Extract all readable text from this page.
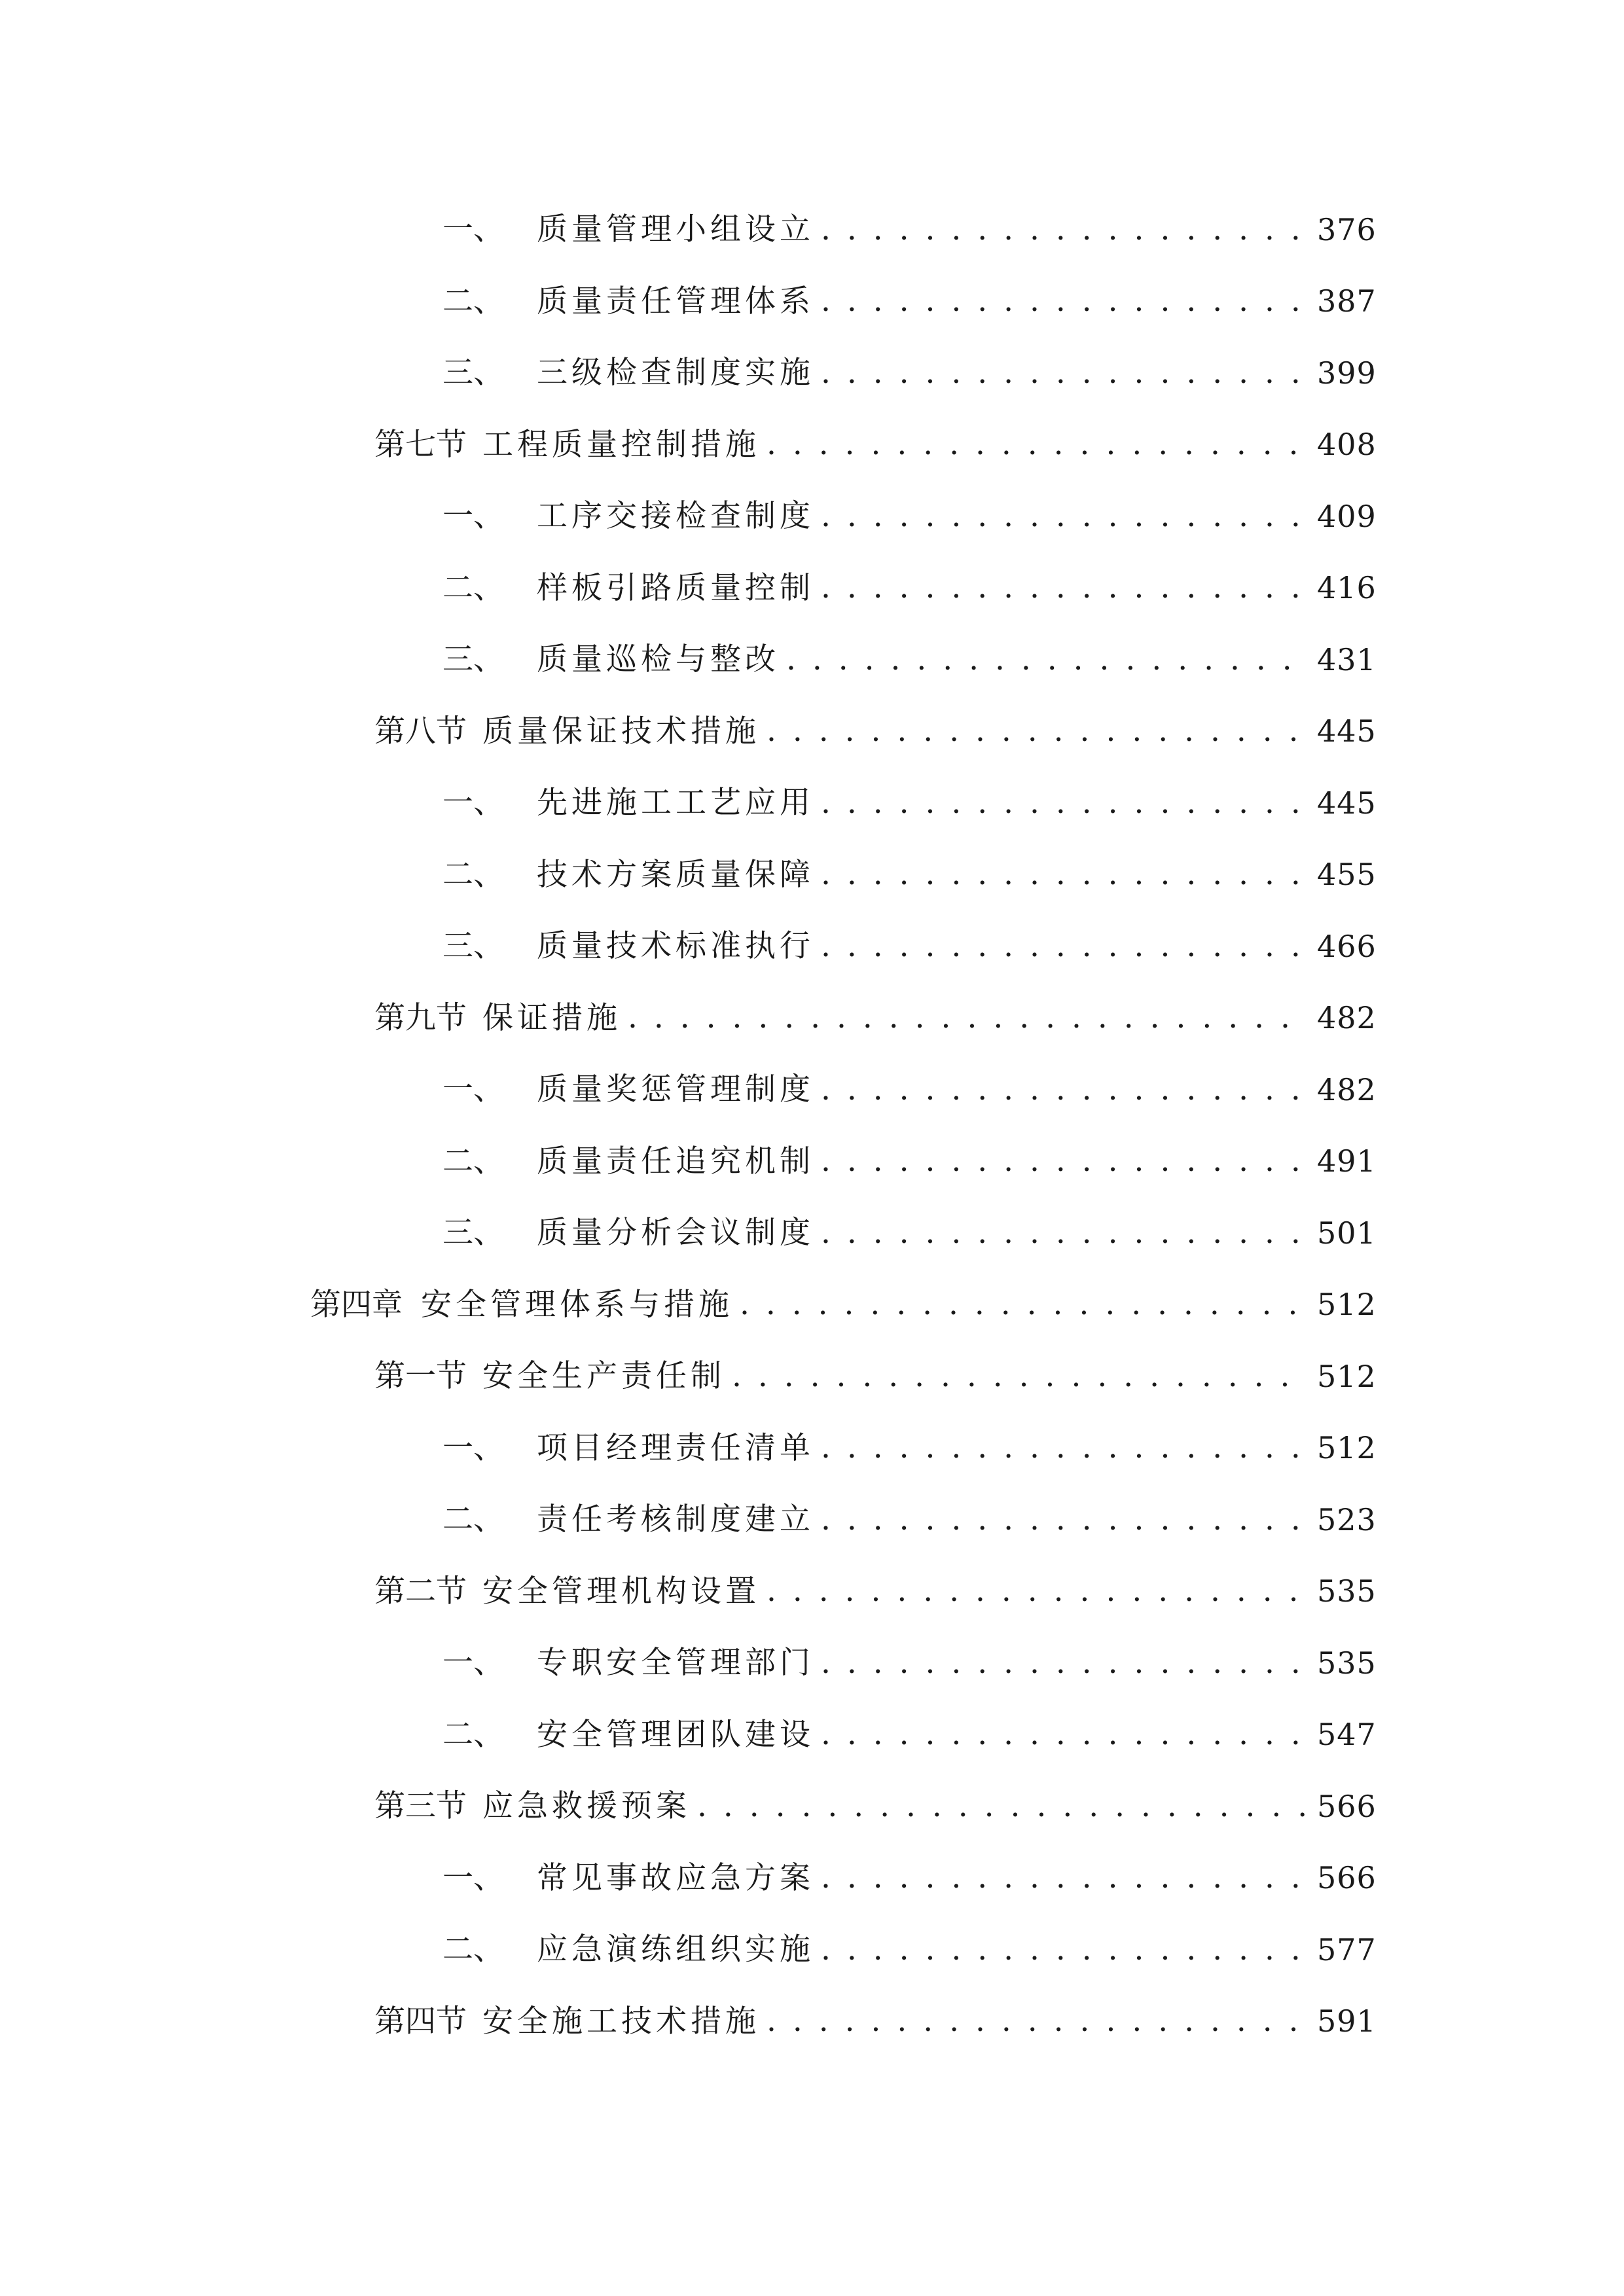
一、 质量管理小组设立 . . .	376
二、 质量责任管理体系 . . .	387
三、 三级检查制度实施 . . .	399
第七节 工程质量控制措施 . . .	408
一、 工序交接检查制度 . . .	409
二、 样板引路质量控制 . . .	416
三、 质量巡检与整改 . . .	431
第八节 质量保证技术措施 . . .	445
一、 先进施工工艺应用 . . .	445
二、 技术方案质量保障 . . .	455
三、 质量技术标准执行 . . .	466
第九节 保证措施 . . .	482
一、 质量奖惩管理制度 . . .	482
二、 质量责任追究机制 . . .	491
三、 质量分析会议制度 . . .	501
第四章 安全管理体系与措施 . . .	512
第一节 安全生产责任制 . . .	512
一、 项目经理责任清单 . . .	512
二、 责任考核制度建立 . . .	523
第二节 安全管理机构设置 . . .	535
一、 专职安全管理部门 . . .	535
二、 安全管理团队建设 . . .	547
第三节 应急救援预案 . . .	566
一、 常见事故应急方案 . . .	566
二、 应急演练组织实施 . . .	577
第四节 安全施工技术措施 . . .	591
